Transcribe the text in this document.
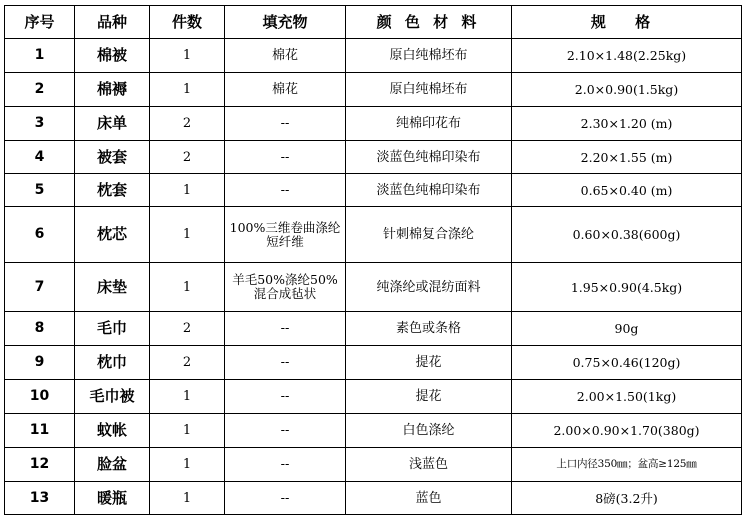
序号	品种	件数	填充物	颜 色 材 料	规 格
1	棉被	1	棉花	原白纯棉坯布	2.10×1.48(2.25kg)
2	棉褥	1	棉花	原白纯棉坯布	2.0×0.90(1.5kg)
3	床单	2	--	纯棉印花布	2.30×1.20 (m)
4	被套	2	--	淡蓝色纯棉印染布	2.20×1.55 (m)
5	枕套	1	--	淡蓝色纯棉印染布	0.65×0.40 (m)
6	枕芯	1	100%三维卷曲涤纶短纤维	针刺棉复合涤纶	0.60×0.38(600g)
7	床垫	1	羊毛50%涤纶50%混合成毡状	纯涤纶或混纺面料	1.95×0.90(4.5kg)
8	毛巾	2	--	素色或条格	90g
9	枕巾	2	--	提花	0.75×0.46(120g)
10	毛巾被	1	--	提花	2.00×1.50(1kg)
11	蚊帐	1	--	白色涤纶	2.00×0.90×1.70(380g)
12	脸盆	1	--	浅蓝色	上口内径350㎜；盆高≥125㎜
13	暖瓶	1	--	蓝色	8磅(3.2升)
